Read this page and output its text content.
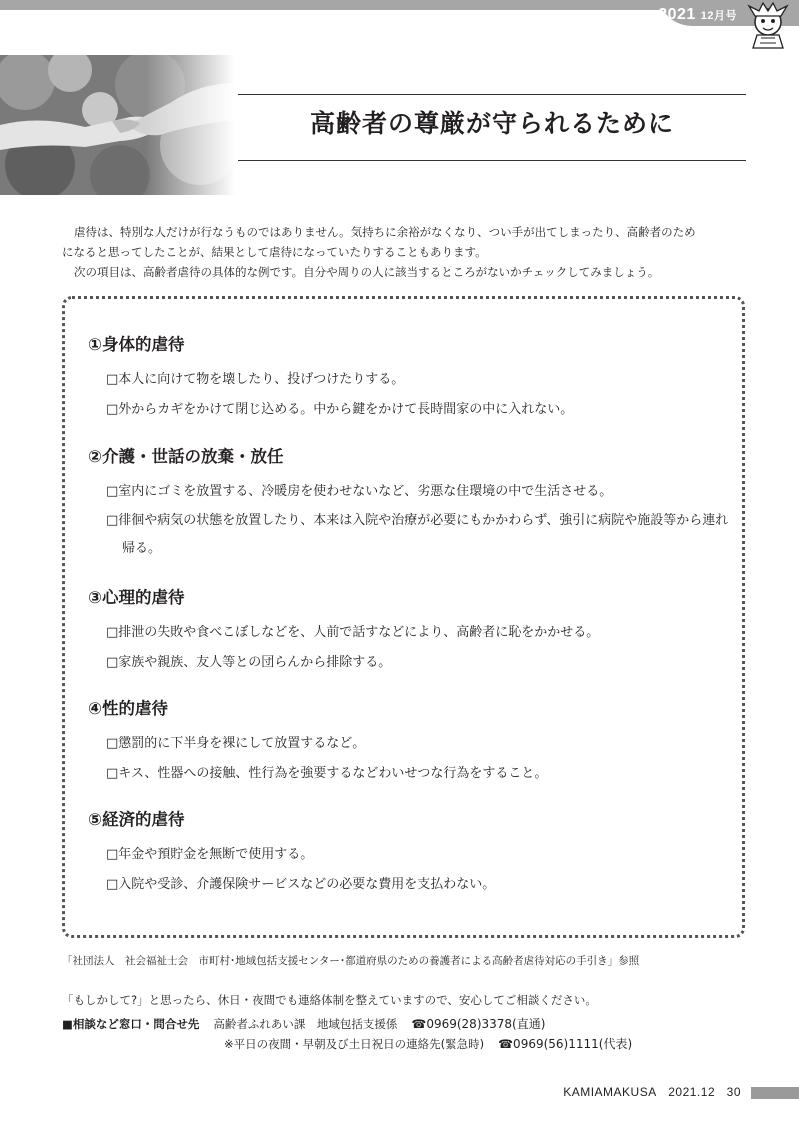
2021 12月号
高齢者の尊厳が守られるために

虐待は、特別な人だけが行なうものではありません。気持ちに余裕がなくなり、つい手が出てしまったり、高齢者のため

になると思ってしたことが、結果として虐待になっていたりすることもあります。

次の項目は、高齢者虐待の具体的な例です。自分や周りの人に該当するところがないかチェックしてみましょう。

①身体的虐待
□本人に向けて物を壊したり、投げつけたりする。
□外からカギをかけて閉じ込める。中から鍵をかけて長時間家の中に入れない。
②介護・世話の放棄・放任
□室内にゴミを放置する、冷暖房を使わせないなど、劣悪な住環境の中で生活させる。
□徘徊や病気の状態を放置したり、本来は入院や治療が必要にもかかわらず、強引に病院や施設等から連れ帰る。
③心理的虐待
□排泄の失敗や食べこぼしなどを、人前で話すなどにより、高齢者に恥をかかせる。
□家族や親族、友人等との団らんから排除する。
④性的虐待
□懲罰的に下半身を裸にして放置するなど。
□キス、性器への接触、性行為を強要するなどわいせつな行為をすること。
⑤経済的虐待
□年金や預貯金を無断で使用する。
□入院や受診、介護保険サービスなどの必要な費用を支払わない。
「社団法人　社会福祉士会　市町村･地域包括支援センター･都道府県のための養護者による高齢者虐待対応の手引き」参照
「もしかして?」と思ったら、休日・夜間でも連絡体制を整えていますので、安心してご相談ください。
■相談など窓口・問合せ先 高齢者ふれあい課　地域包括支援係 ☎0969(28)3378(直通)
※平日の夜間・早朝及び土日祝日の連絡先(緊急時) ☎0969(56)1111(代表)
KAMIAMAKUSA 2021.12 30
